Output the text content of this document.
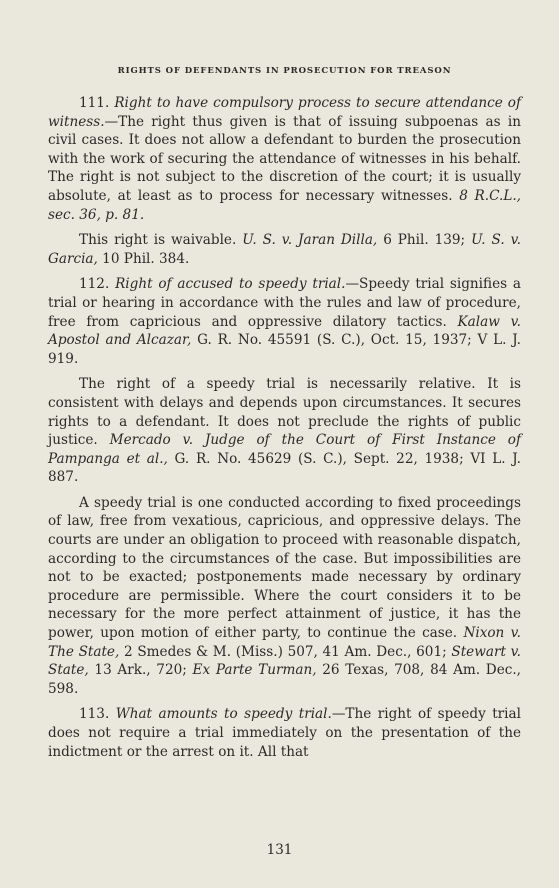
RIGHTS OF DEFENDANTS IN PROSECUTION FOR TREASON

111. Right to have compulsory process to secure attendance of witness.—The right thus given is that of issuing subpoenas as in civil cases. It does not allow a defendant to burden the prosecution with the work of securing the attendance of witnesses in his behalf. The right is not subject to the discretion of the court; it is usually absolute, at least as to process for necessary witnesses. 8 R.C.L., sec. 36, p. 81.

This right is waivable. U. S. v. Jaran Dilla, 6 Phil. 139; U. S. v. Garcia, 10 Phil. 384.

112. Right of accused to speedy trial.—Speedy trial signifies a trial or hearing in accordance with the rules and law of procedure, free from capricious and oppressive dilatory tactics. Kalaw v. Apostol and Alcazar, G. R. No. 45591 (S. C.), Oct. 15, 1937; V L. J. 919.

The right of a speedy trial is necessarily relative. It is consistent with delays and depends upon circumstances. It secures rights to a defendant. It does not preclude the rights of public justice. Mercado v. Judge of the Court of First Instance of Pampanga et al., G. R. No. 45629 (S. C.), Sept. 22, 1938; VI L. J. 887.

A speedy trial is one conducted according to fixed proceedings of law, free from vexatious, capricious, and oppressive delays. The courts are under an obligation to proceed with reasonable dispatch, according to the circumstances of the case. But impossibilities are not to be exacted; postponements made necessary by ordinary procedure are permissible. Where the court considers it to be necessary for the more perfect attainment of justice, it has the power, upon motion of either party, to continue the case. Nixon v. The State, 2 Smedes & M. (Miss.) 507, 41 Am. Dec., 601; Stewart v. State, 13 Ark., 720; Ex Parte Turman, 26 Texas, 708, 84 Am. Dec., 598.

113. What amounts to speedy trial.—The right of speedy trial does not require a trial immediately on the presentation of the indictment or the arrest on it. All that

131
